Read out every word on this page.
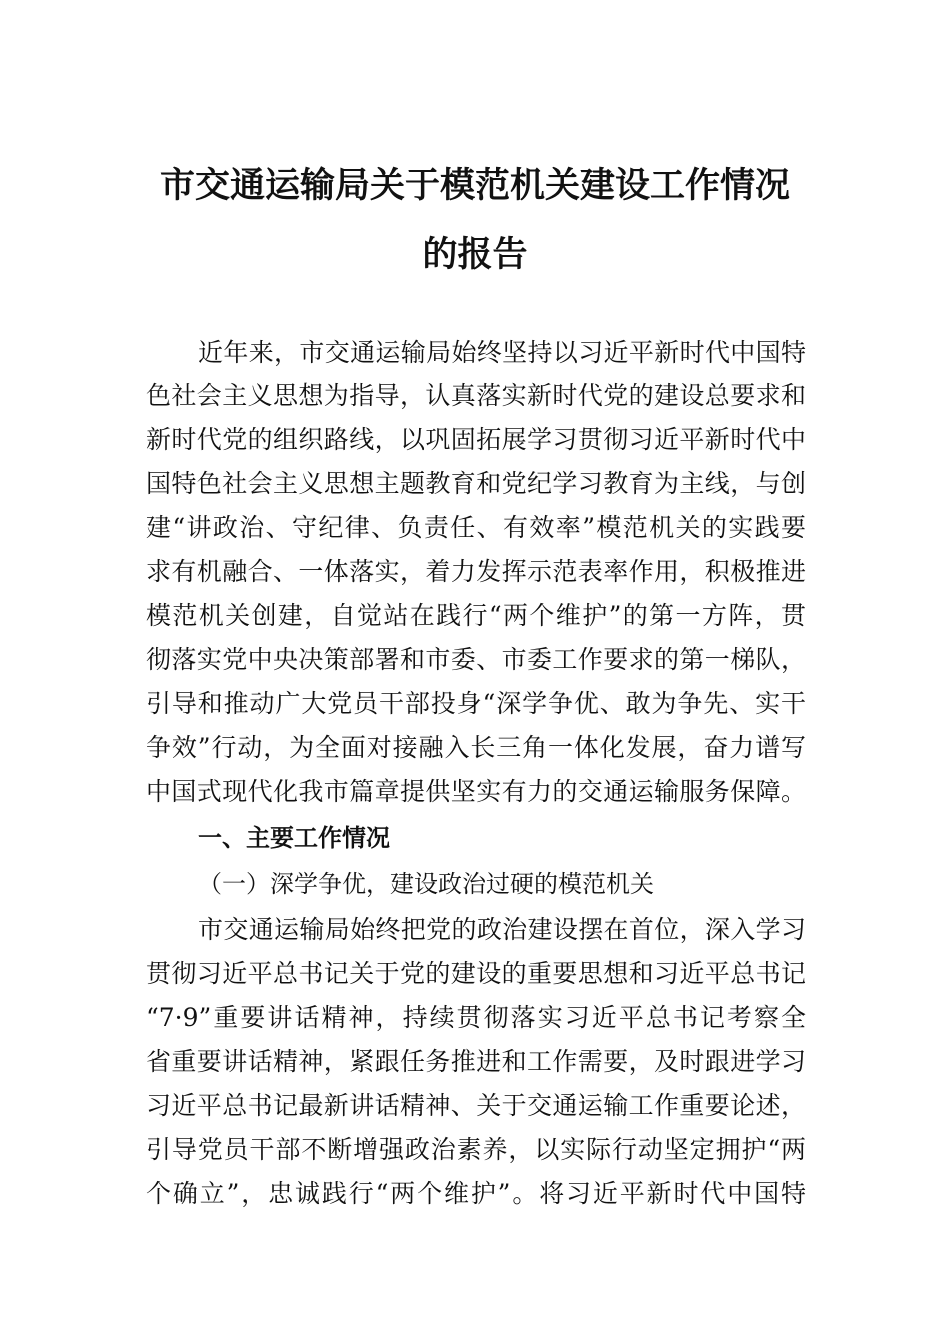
市交通运输局关于模范机关建设工作情况
的报告
近年来，市交通运输局始终坚持以习近平新时代中国特
色社会主义思想为指导，认真落实新时代党的建设总要求和
新时代党的组织路线，以巩固拓展学习贯彻习近平新时代中
国特色社会主义思想主题教育和党纪学习教育为主线，与创
建“讲政治、守纪律、负责任、有效率”模范机关的实践要
求有机融合、一体落实，着力发挥示范表率作用，积极推进
模范机关创建，自觉站在践行“两个维护”的第一方阵，贯
彻落实党中央决策部署和市委、市委工作要求的第一梯队，
引导和推动广大党员干部投身“深学争优、敢为争先、实干
争效”行动，为全面对接融入长三角一体化发展，奋力谱写
中国式现代化我市篇章提供坚实有力的交通运输服务保障。
一、主要工作情况
（一）深学争优，建设政治过硬的模范机关
市交通运输局始终把党的政治建设摆在首位，深入学习
贯彻习近平总书记关于党的建设的重要思想和习近平总书记
“7·9”重要讲话精神，持续贯彻落实习近平总书记考察全
省重要讲话精神，紧跟任务推进和工作需要，及时跟进学习
习近平总书记最新讲话精神、关于交通运输工作重要论述，
引导党员干部不断增强政治素养，以实际行动坚定拥护“两
个确立”，忠诚践行“两个维护”。将习近平新时代中国特
